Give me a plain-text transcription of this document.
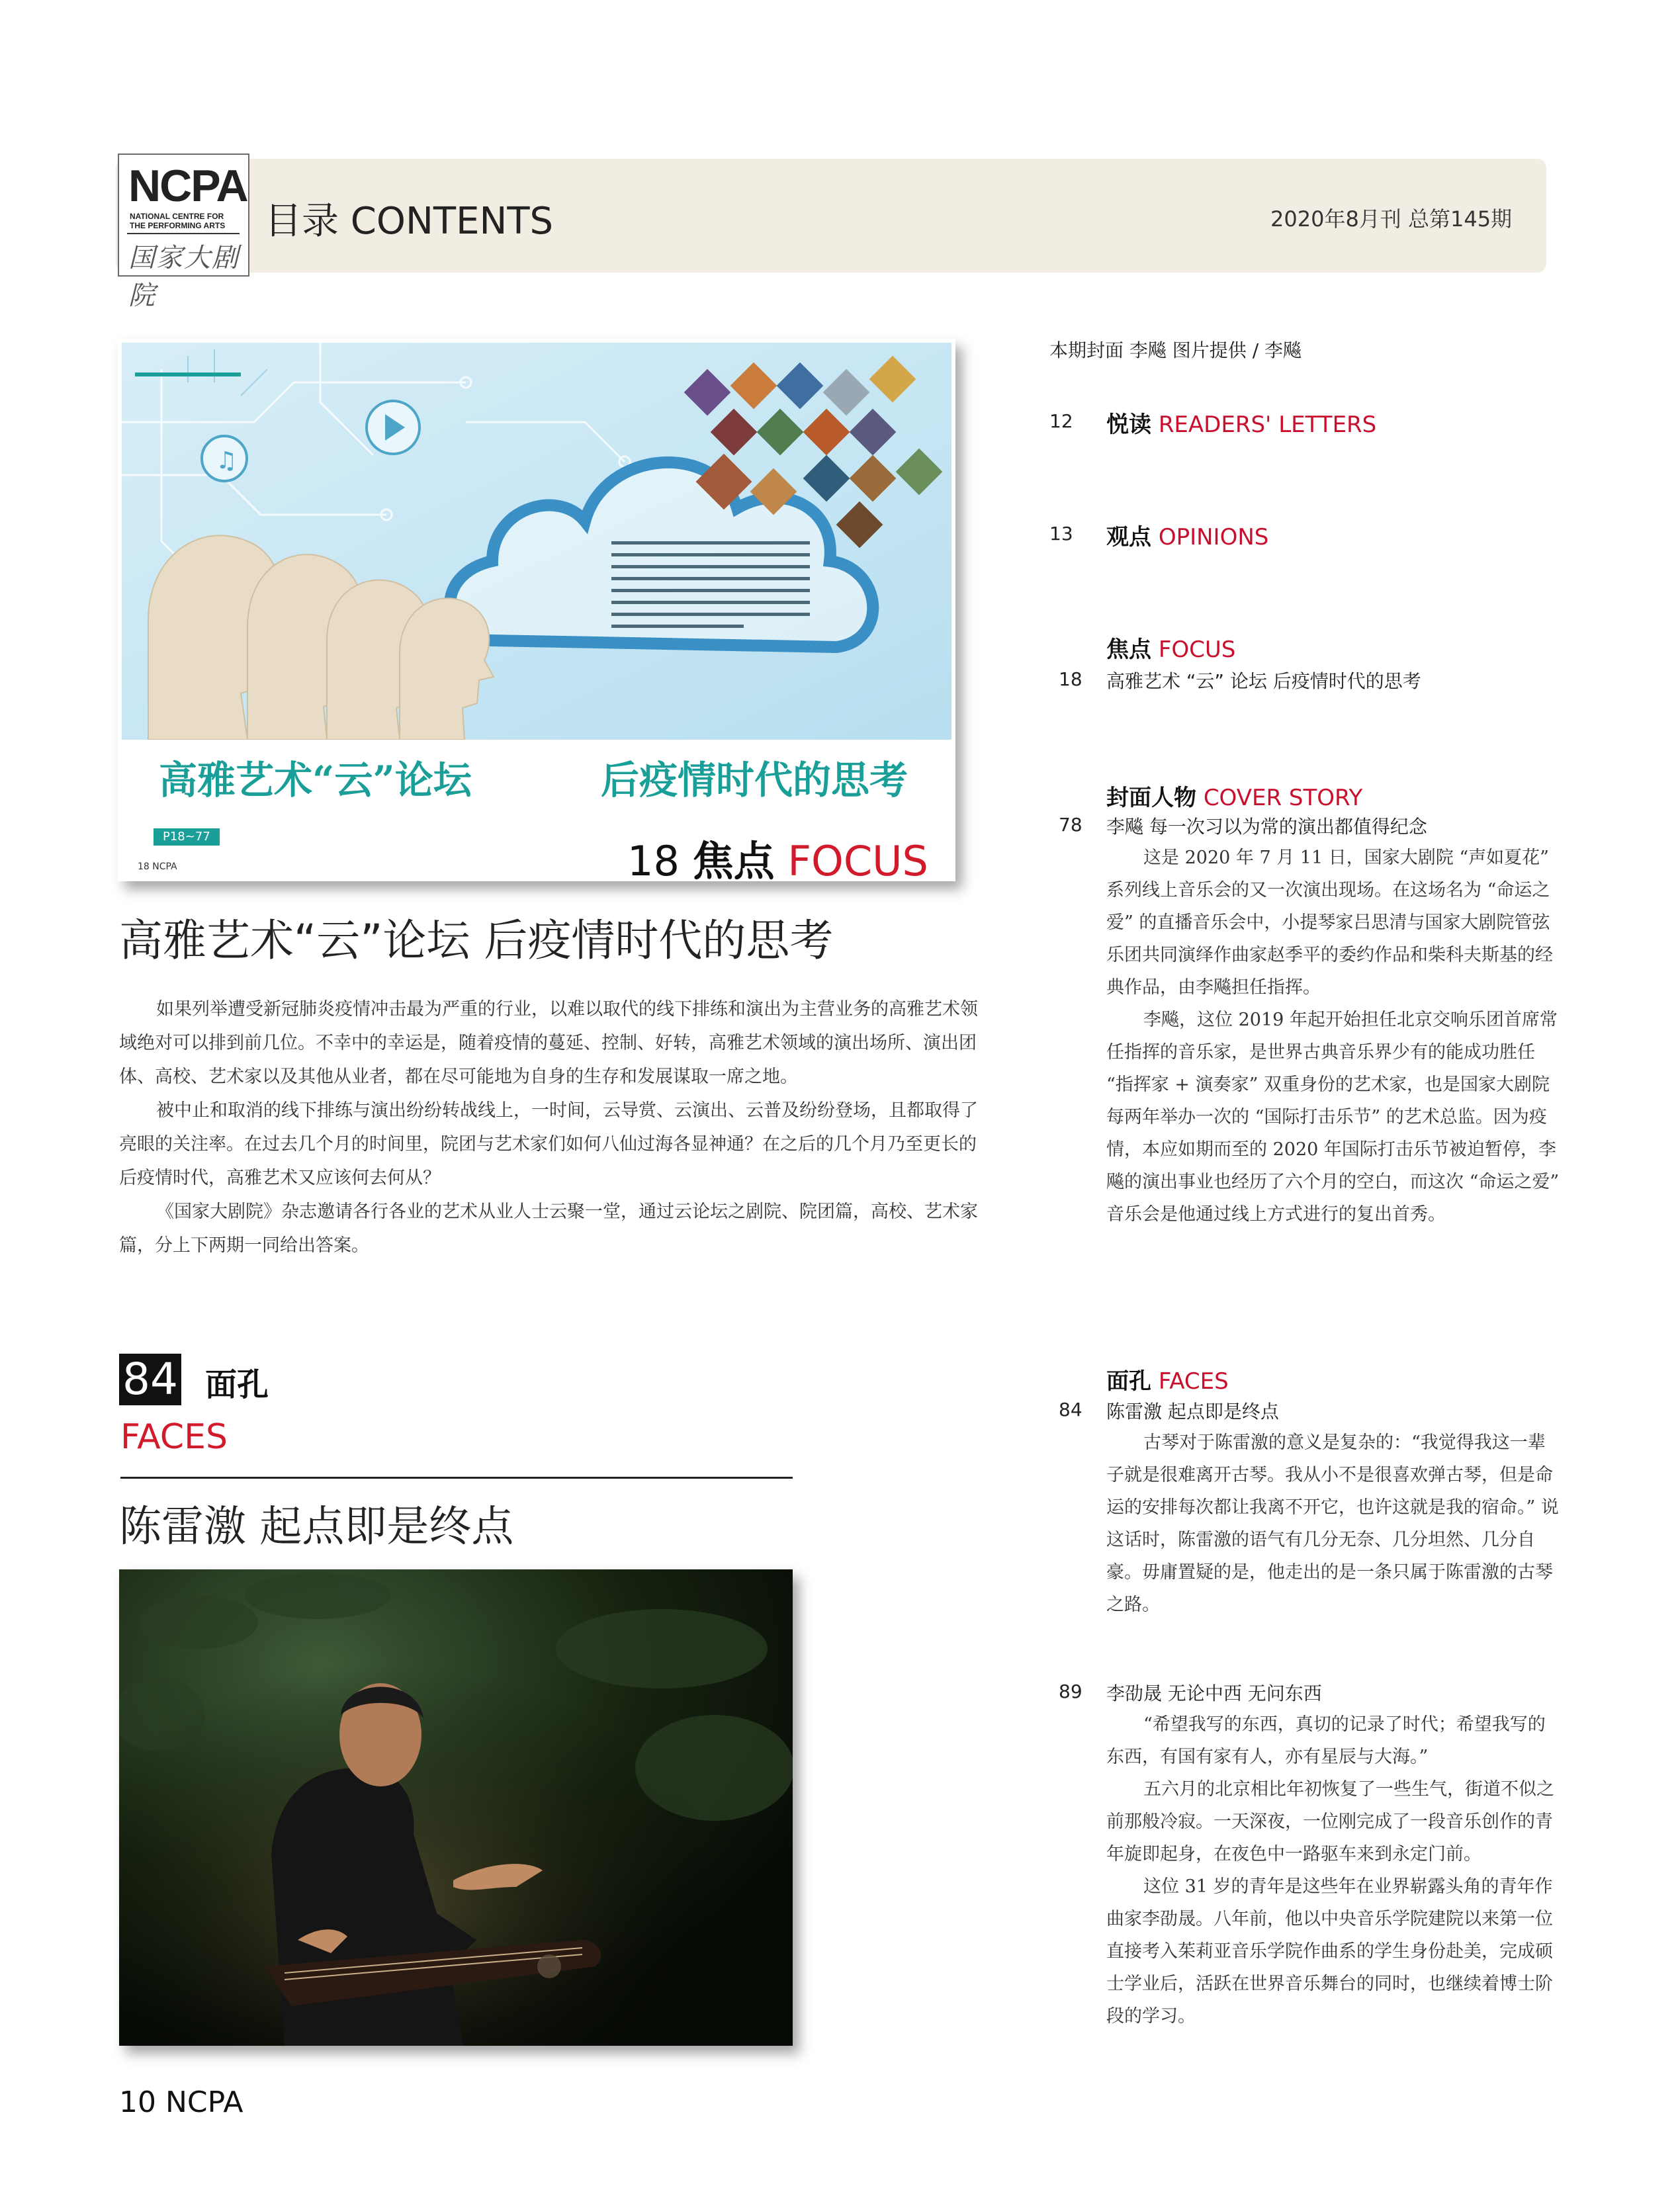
NCPA
NATIONAL CENTRE FOR
THE PERFORMING ARTS
国家大剧院
目录 CONTENTS	2020年8月刊 总第145期
♫
高雅艺术“云”论坛	后疫情时代的思考
P18~77
18 NCPA	18 焦点 FOCUS
高雅艺术“云”论坛 后疫情时代的思考

如果列举遭受新冠肺炎疫情冲击最为严重的行业，以难以取代的线下排练和演出为主营业务的高雅艺术领域绝对可以排到前几位。不幸中的幸运是，随着疫情的蔓延、控制、好转，高雅艺术领域的演出场所、演出团体、高校、艺术家以及其他从业者，都在尽可能地为自身的生存和发展谋取一席之地。

被中止和取消的线下排练与演出纷纷转战线上，一时间，云导赏、云演出、云普及纷纷登场，且都取得了亮眼的关注率。在过去几个月的时间里，院团与艺术家们如何八仙过海各显神通？在之后的几个月乃至更长的后疫情时代，高雅艺术又应该何去何从？

《国家大剧院》杂志邀请各行各业的艺术从业人士云聚一堂，通过云论坛之剧院、院团篇，高校、艺术家篇，分上下两期一同给出答案。

84 面孔
FACES
陈雷激 起点即是终点
10 NCPA
本期封面 李飚 图片提供 / 李飚
12 悦读 READERS' LETTERS
13 观点 OPINIONS
焦点 FOCUS
18 高雅艺术 “云” 论坛 后疫情时代的思考
封面人物 COVER STORY
78 李飚 每一次习以为常的演出都值得纪念

这是 2020 年 7 月 11 日，国家大剧院 “声如夏花” 系列线上音乐会的又一次演出现场。在这场名为 “命运之爱” 的直播音乐会中，小提琴家吕思清与国家大剧院管弦乐团共同演绎作曲家赵季平的委约作品和柴科夫斯基的经典作品，由李飚担任指挥。

李飚，这位 2019 年起开始担任北京交响乐团首席常任指挥的音乐家，是世界古典音乐界少有的能成功胜任 “指挥家 + 演奏家” 双重身份的艺术家，也是国家大剧院每两年举办一次的 “国际打击乐节” 的艺术总监。因为疫情，本应如期而至的 2020 年国际打击乐节被迫暂停，李飚的演出事业也经历了六个月的空白，而这次 “命运之爱” 音乐会是他通过线上方式进行的复出首秀。

面孔 FACES
84 陈雷激 起点即是终点

古琴对于陈雷激的意义是复杂的：“我觉得我这一辈子就是很难离开古琴。我从小不是很喜欢弹古琴，但是命运的安排每次都让我离不开它，也许这就是我的宿命。” 说这话时，陈雷激的语气有几分无奈、几分坦然、几分自豪。毋庸置疑的是，他走出的是一条只属于陈雷激的古琴之路。

89 李劭晟 无论中西 无问东西

“希望我写的东西，真切的记录了时代；希望我写的东西，有国有家有人，亦有星辰与大海。”

五六月的北京相比年初恢复了一些生气，街道不似之前那般冷寂。一天深夜，一位刚完成了一段音乐创作的青年旋即起身，在夜色中一路驱车来到永定门前。

这位 31 岁的青年是这些年在业界崭露头角的青年作曲家李劭晟。八年前，他以中央音乐学院建院以来第一位直接考入茱莉亚音乐学院作曲系的学生身份赴美，完成硕士学业后，活跃在世界音乐舞台的同时，也继续着博士阶段的学习。
